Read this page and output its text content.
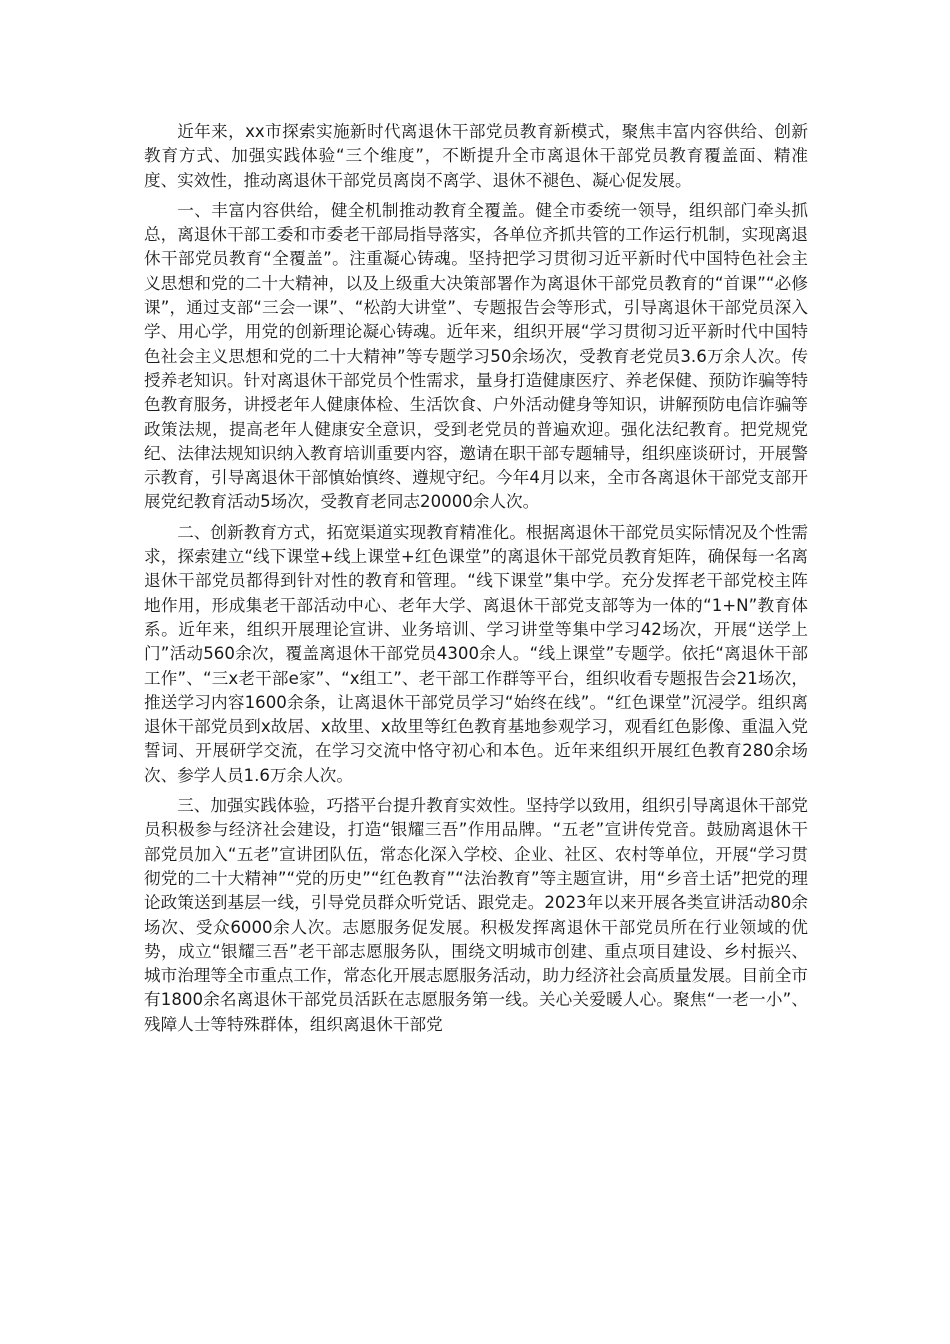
近年来，xx市探索实施新时代离退休干部党员教育新模式，聚焦丰富内容供给、创新教育方式、加强实践体验“三个维度”，不断提升全市离退休干部党员教育覆盖面、精准度、实效性，推动离退休干部党员离岗不离学、退休不褪色、凝心促发展。

一、丰富内容供给，健全机制推动教育全覆盖。健全市委统一领导，组织部门牵头抓总，离退休干部工委和市委老干部局指导落实，各单位齐抓共管的工作运行机制，实现离退休干部党员教育“全覆盖”。注重凝心铸魂。坚持把学习贯彻习近平新时代中国特色社会主义思想和党的二十大精神，以及上级重大决策部署作为离退休干部党员教育的“首课”“必修课”，通过支部“三会一课”、“松韵大讲堂”、专题报告会等形式，引导离退休干部党员深入学、用心学，用党的创新理论凝心铸魂。近年来，组织开展“学习贯彻习近平新时代中国特色社会主义思想和党的二十大精神”等专题学习50余场次，受教育老党员3.6万余人次。传授养老知识。针对离退休干部党员个性需求，量身打造健康医疗、养老保健、预防诈骗等特色教育服务，讲授老年人健康体检、生活饮食、户外活动健身等知识，讲解预防电信诈骗等政策法规，提高老年人健康安全意识，受到老党员的普遍欢迎。强化法纪教育。把党规党纪、法律法规知识纳入教育培训重要内容，邀请在职干部专题辅导，组织座谈研讨，开展警示教育，引导离退休干部慎始慎终、遵规守纪。今年4月以来，全市各离退休干部党支部开展党纪教育活动5场次，受教育老同志20000余人次。

二、创新教育方式，拓宽渠道实现教育精准化。根据离退休干部党员实际情况及个性需求，探索建立“线下课堂+线上课堂+红色课堂”的离退休干部党员教育矩阵，确保每一名离退休干部党员都得到针对性的教育和管理。“线下课堂”集中学。充分发挥老干部党校主阵地作用，形成集老干部活动中心、老年大学、离退休干部党支部等为一体的“1+N”教育体系。近年来，组织开展理论宣讲、业务培训、学习讲堂等集中学习42场次，开展“送学上门”活动560余次，覆盖离退休干部党员4300余人。“线上课堂”专题学。依托“离退休干部工作”、“三x老干部e家”、“x组工”、老干部工作群等平台，组织收看专题报告会21场次，推送学习内容1600余条，让离退休干部党员学习“始终在线”。“红色课堂”沉浸学。组织离退休干部党员到x故居、x故里、x故里等红色教育基地参观学习，观看红色影像、重温入党誓词、开展研学交流，在学习交流中恪守初心和本色。近年来组织开展红色教育280余场次、参学人员1.6万余人次。

三、加强实践体验，巧搭平台提升教育实效性。坚持学以致用，组织引导离退休干部党员积极参与经济社会建设，打造“银耀三吾”作用品牌。“五老”宣讲传党音。鼓励离退休干部党员加入“五老”宣讲团队伍，常态化深入学校、企业、社区、农村等单位，开展“学习贯彻党的二十大精神”“党的历史”“红色教育”“法治教育”等主题宣讲，用“乡音土话”把党的理论政策送到基层一线，引导党员群众听党话、跟党走。2023年以来开展各类宣讲活动80余场次、受众6000余人次。志愿服务促发展。积极发挥离退休干部党员所在行业领域的优势，成立“银耀三吾”老干部志愿服务队，围绕文明城市创建、重点项目建设、乡村振兴、城市治理等全市重点工作，常态化开展志愿服务活动，助力经济社会高质量发展。目前全市有1800余名离退休干部党员活跃在志愿服务第一线。关心关爱暖人心。聚焦“一老一小”、残障人士等特殊群体，组织离退休干部党
